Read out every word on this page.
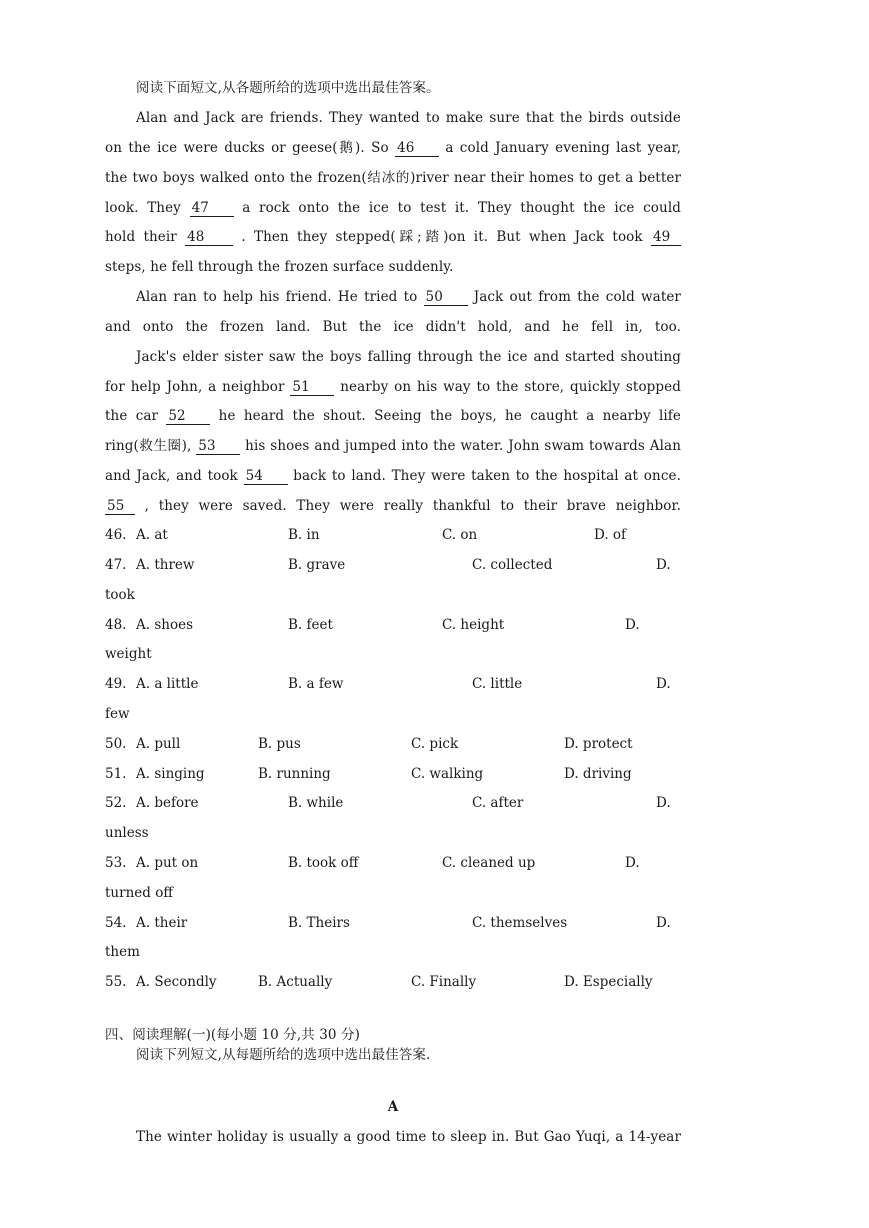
阅读下面短文,从各题所给的选项中选出最佳答案。
Alan and Jack are friends. They wanted to make sure that the birds outside
on the ice were ducks or geese(鹅). So 46 a cold January evening last year,
the two boys walked onto the frozen(结冰的)river near their homes to get a better
look. They 47 a rock onto the ice to test it. They thought the ice could
hold their 48	. Then they stepped(踩;踏)on it. But when Jack took 49
steps, he fell through the frozen surface suddenly.
Alan ran to help his friend. He tried to 50 Jack out from the cold water
and onto the frozen land. But the ice didn't hold, and he fell in, too.
Jack's elder sister saw the boys falling through the ice and started shouting
for help John, a neighbor 51 nearby on his way to the store, quickly stopped
the car 52 he heard the shout. Seeing the boys, he caught a nearby life
ring(救生圈), 53 his shoes and jumped into the water. John swam towards Alan
and Jack, and took 54 back to land. They were taken to the hospital at once.
55 , they were saved. They were really thankful to their brave neighbor.
46. A. at	B. in	C. on	D. of
47. A. threw	B. grave	C. collected	D.
took
48. A. shoes	B. feet	C. height	D.
weight
49. A. a little	B. a few	C. little	D.
few
50. A. pull	B. pus	C. pick	D. protect
51. A. singing	B. running	C. walking	D. driving
52. A. before	B. while	C. after	D.
unless
53. A. put on	B. took off	C. cleaned up	D.
turned off
54. A. their	B. Theirs	C. themselves	D.
them
55. A. Secondly	B. Actually	C. Finally	D. Especially
四、阅读理解(一)(每小题 10 分,共 30 分)
阅读下列短文,从每题所给的选项中选出最佳答案.
A
The winter holiday is usually a good time to sleep in. But Gao Yuqi, a 14-year
